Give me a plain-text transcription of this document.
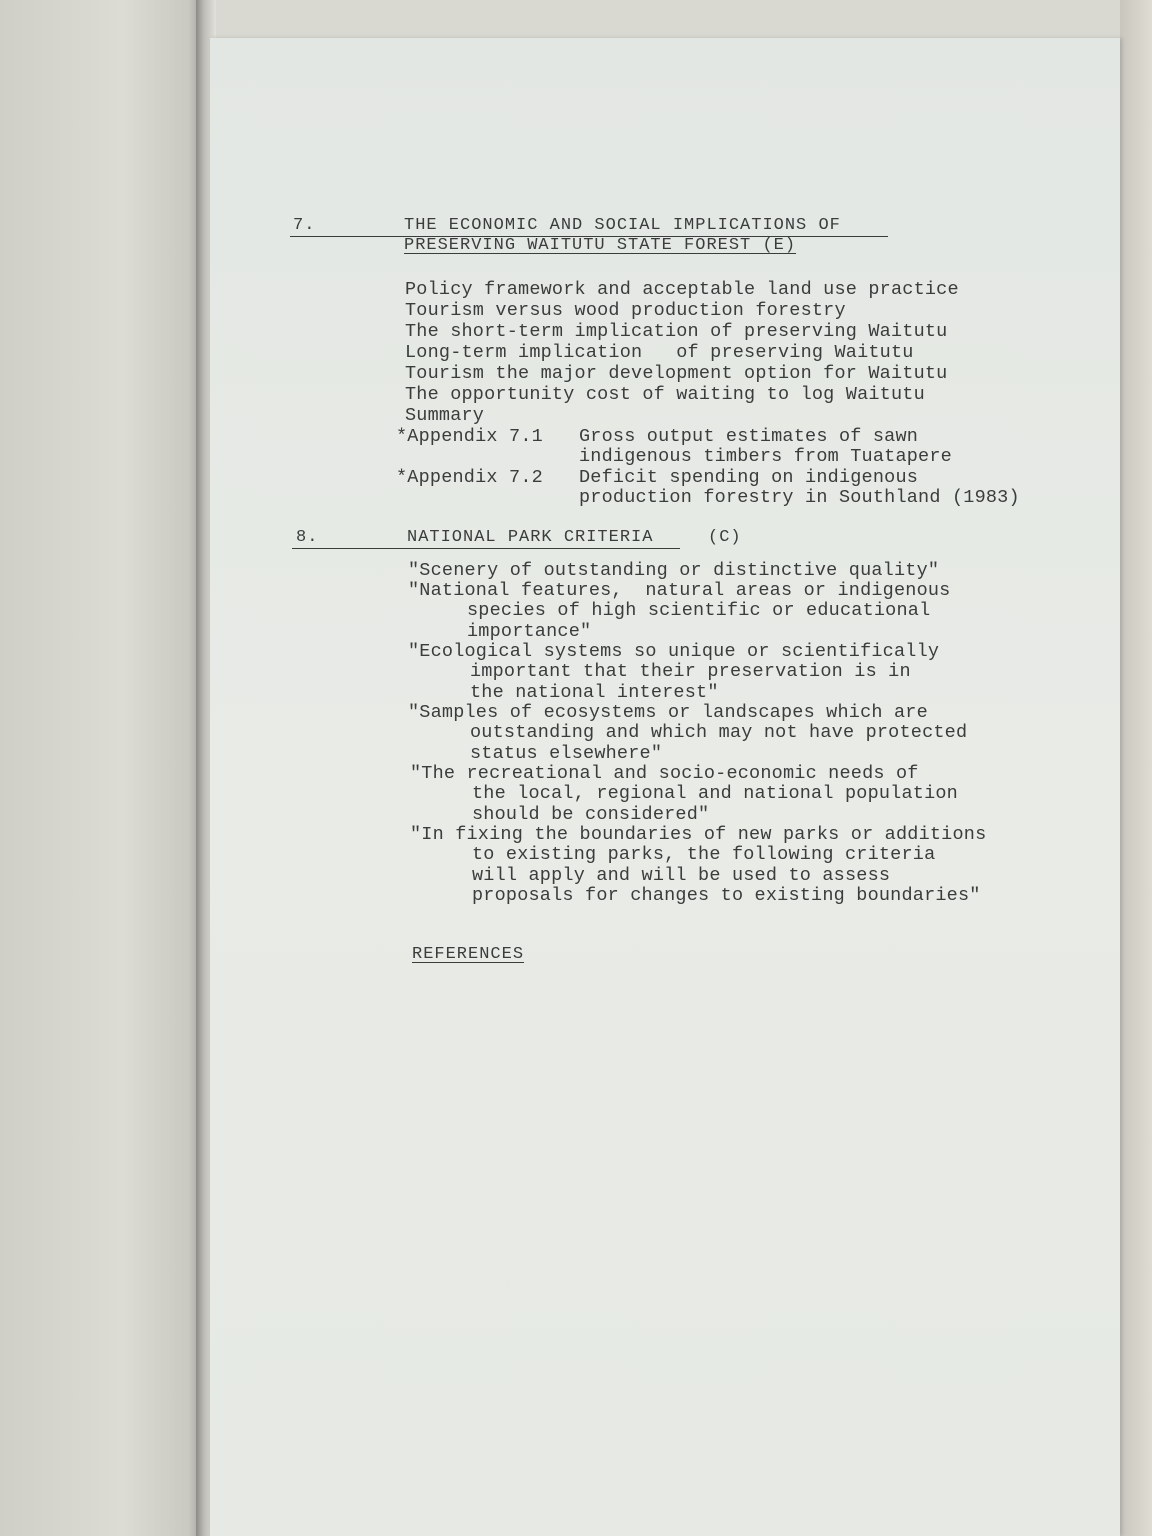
7.	THE ECONOMIC AND SOCIAL IMPLICATIONS OF
PRESERVING WAITUTU STATE FOREST (E)
Policy framework and acceptable land use practice
Tourism versus wood production forestry
The short-term implication of preserving Waitutu
Long-term implication   of preserving Waitutu
Tourism the major development option for Waitutu
The opportunity cost of waiting to log Waitutu
Summary
*Appendix 7.1 Gross output estimates of sawn
indigenous timbers from Tuatapere
*Appendix 7.2 Deficit spending on indigenous
production forestry in Southland (1983)
8.	NATIONAL PARK CRITERIA	(C)
"Scenery of outstanding or distinctive quality"
"National features,  natural areas or indigenous
species of high scientific or educational
importance"
"Ecological systems so unique or scientifically
important that their preservation is in
the national interest"
"Samples of ecosystems or landscapes which are
outstanding and which may not have protected
status elsewhere"
"The recreational and socio-economic needs of
the local, regional and national population
should be considered"
"In fixing the boundaries of new parks or additions
to existing parks, the following criteria
will apply and will be used to assess
proposals for changes to existing boundaries"
REFERENCES
